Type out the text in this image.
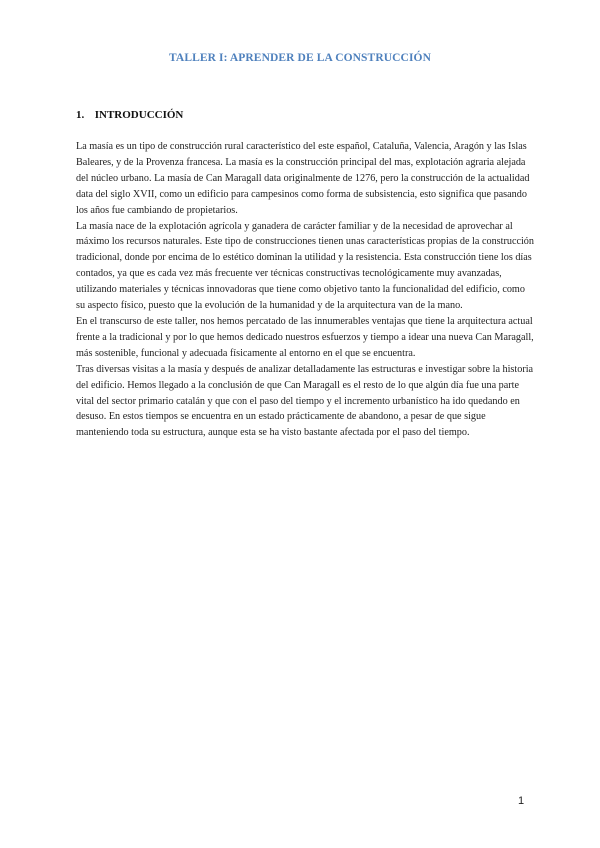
TALLER I: APRENDER DE LA CONSTRUCCIÓN
1. INTRODUCCIÓN

La masía es un tipo de construcción rural característico del este español, Cataluña, Valencia, Aragón y las Islas Baleares, y de la Provenza francesa. La masía es la construcción principal del mas, explotación agraria alejada del núcleo urbano. La masía de Can Maragall data originalmente de 1276, pero la construcción de la actualidad data del siglo XVII, como un edificio para campesinos como forma de subsistencia, esto significa que pasando los años fue cambiando de propietarios.

La masía nace de la explotación agrícola y ganadera de carácter familiar y de la necesidad de aprovechar al máximo los recursos naturales. Este tipo de construcciones tienen unas características propias de la construcción tradicional, donde por encima de lo estético dominan la utilidad y la resistencia. Esta construcción tiene los días contados, ya que es cada vez más frecuente ver técnicas constructivas tecnológicamente muy avanzadas, utilizando materiales y técnicas innovadoras que tiene como objetivo tanto la funcionalidad del edificio, como su aspecto físico, puesto que la evolución de la humanidad y de la arquitectura van de la mano.

En el transcurso de este taller, nos hemos percatado de las innumerables ventajas que tiene la arquitectura actual frente a la tradicional y por lo que hemos dedicado nuestros esfuerzos y tiempo a idear una nueva Can Maragall, más sostenible, funcional y adecuada físicamente al entorno en el que se encuentra.

Tras diversas visitas a la masía y después de analizar detalladamente las estructuras e investigar sobre la historia del edificio. Hemos llegado a la conclusión de que Can Maragall es el resto de lo que algún día fue una parte vital del sector primario catalán y que con el paso del tiempo y el incremento urbanístico ha ido quedando en desuso. En estos tiempos se encuentra en un estado prácticamente de abandono, a pesar de que sigue manteniendo toda su estructura, aunque esta se ha visto bastante afectada por el paso del tiempo.

1
